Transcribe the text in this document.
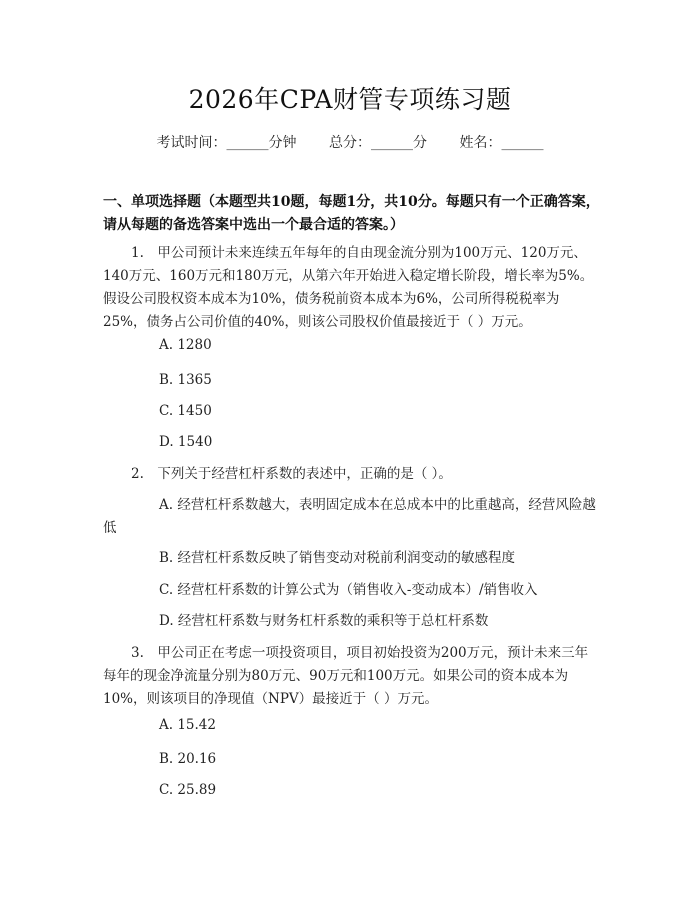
2026年CPA财管专项练习题
考试时间：______分钟 总分：______分 姓名：______
一、单项选择题（本题型共10题，每题1分，共10分。每题只有一个正确答案，请从每题的备选答案中选出一个最合适的答案。）
1.　甲公司预计未来连续五年每年的自由现金流分别为100万元、120万元、140万元、160万元和180万元，从第六年开始进入稳定增长阶段，增长率为5%。假设公司股权资本成本为10%，债务税前资本成本为6%，公司所得税税率为25%，债务占公司价值的40%，则该公司股权价值最接近于（ ）万元。
A. 1280
B. 1365
C. 1450
D. 1540
2.　下列关于经营杠杆系数的表述中，正确的是（ ）。
A. 经营杠杆系数越大，表明固定成本在总成本中的比重越高，经营风险越低
B. 经营杠杆系数反映了销售变动对税前利润变动的敏感程度
C. 经营杠杆系数的计算公式为（销售收入-变动成本）/销售收入
D. 经营杠杆系数与财务杠杆系数的乘积等于总杠杆系数
3.　甲公司正在考虑一项投资项目，项目初始投资为200万元，预计未来三年每年的现金净流量分别为80万元、90万元和100万元。如果公司的资本成本为10%，则该项目的净现值（NPV）最接近于（ ）万元。
A. 15.42
B. 20.16
C. 25.89
